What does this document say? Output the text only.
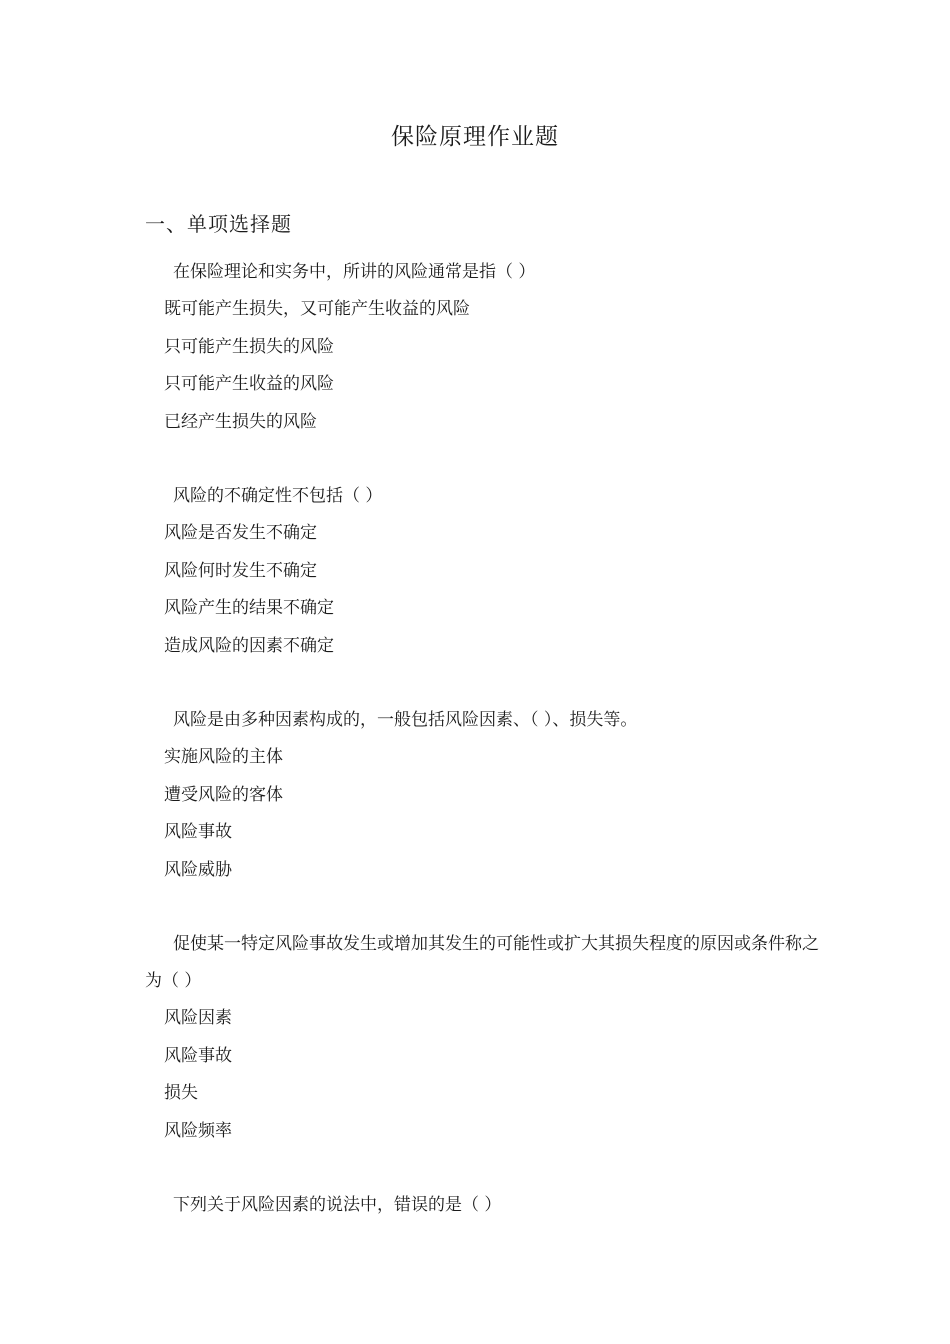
保险原理作业题
一、单项选择题
在保险理论和实务中，所讲的风险通常是指（ ）
既可能产生损失，又可能产生收益的风险
只可能产生损失的风险
只可能产生收益的风险
已经产生损失的风险
风险的不确定性不包括（ ）
风险是否发生不确定
风险何时发生不确定
风险产生的结果不确定
造成风险的因素不确定
风险是由多种因素构成的，一般包括风险因素、（ ）、损失等。
实施风险的主体
遭受风险的客体
风险事故
风险威胁
促使某一特定风险事故发生或增加其发生的可能性或扩大其损失程度的原因或条件称之为（ ）
风险因素
风险事故
损失
风险频率
下列关于风险因素的说法中，错误的是（ ）
